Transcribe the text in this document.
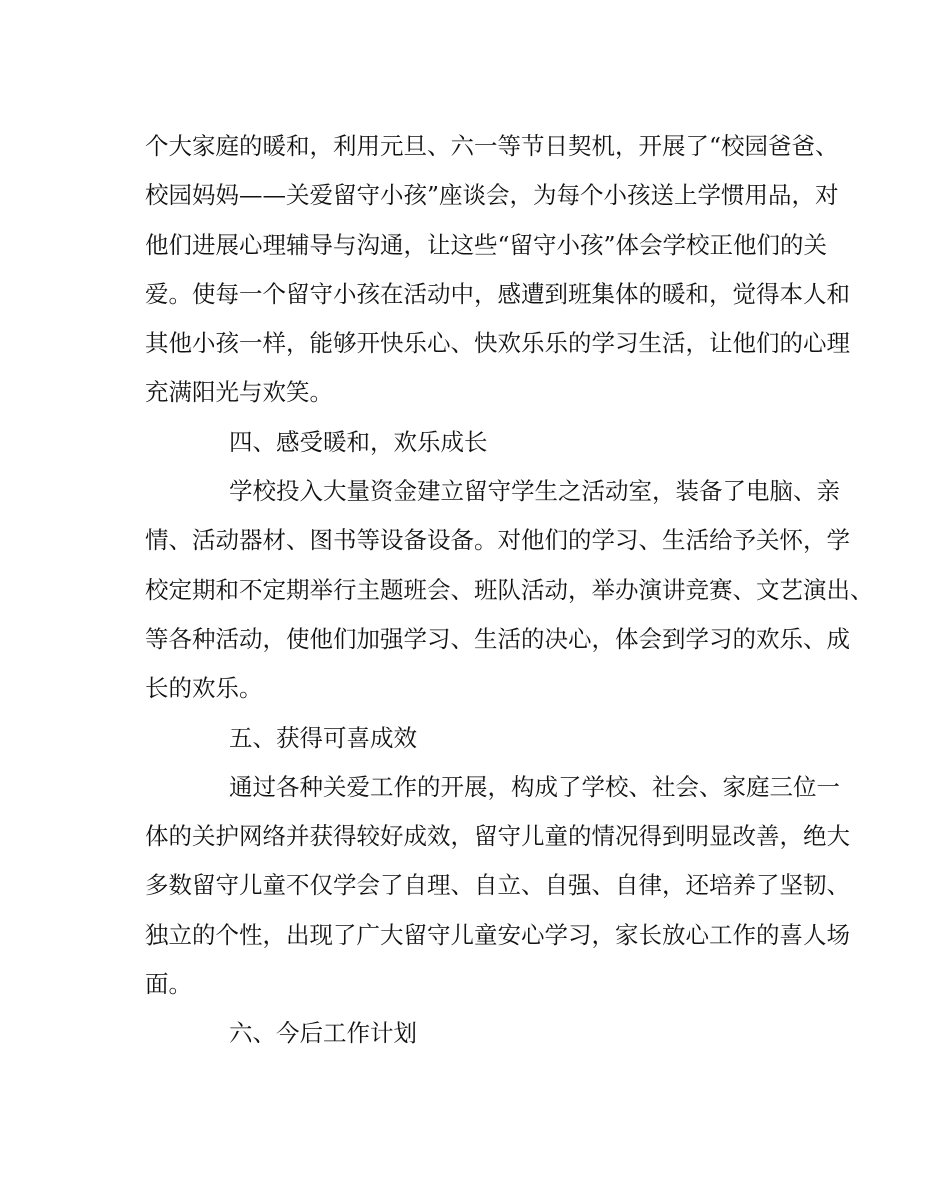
个大家庭的暖和，利用元旦、六一等节日契机，开展了“校园爸爸、

校园妈妈——关爱留守小孩”座谈会，为每个小孩送上学惯用品，对

他们进展心理辅导与沟通，让这些“留守小孩”体会学校正他们的关

爱。使每一个留守小孩在活动中，感遭到班集体的暖和，觉得本人和

其他小孩一样，能够开快乐心、快欢乐乐的学习生活，让他们的心理

充满阳光与欢笑。

四、感受暖和，欢乐成长

学校投入大量资金建立留守学生之活动室，装备了电脑、亲

情、活动器材、图书等设备设备。对他们的学习、生活给予关怀，学

校定期和不定期举行主题班会、班队活动，举办演讲竞赛、文艺演出、

等各种活动，使他们加强学习、生活的决心，体会到学习的欢乐、成

长的欢乐。

五、获得可喜成效

通过各种关爱工作的开展，构成了学校、社会、家庭三位一

体的关护网络并获得较好成效，留守儿童的情况得到明显改善，绝大

多数留守儿童不仅学会了自理、自立、自强、自律，还培养了坚韧、

独立的个性，出现了广大留守儿童安心学习，家长放心工作的喜人场

面。

六、今后工作计划
